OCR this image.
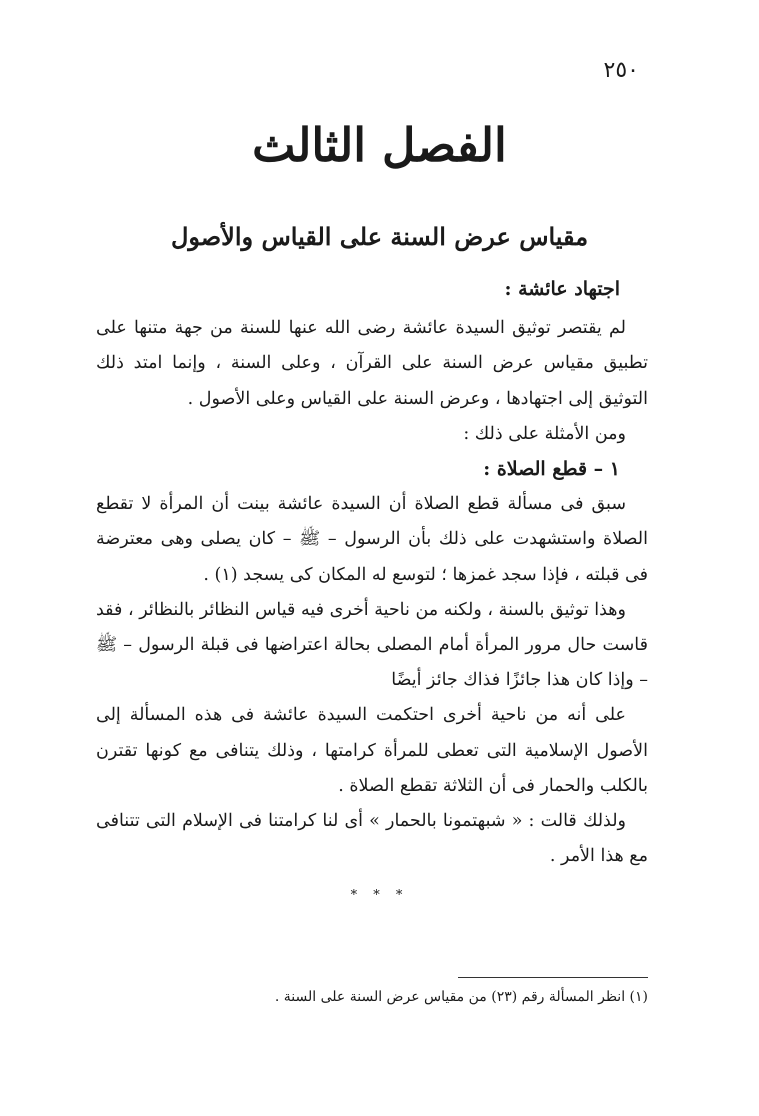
٢٥٠
الفصل الثالث
مقياس عرض السنة على القياس والأصول
اجتهاد عائشة :

لم يقتصر توثيق السيدة عائشة رضى الله عنها للسنة من جهة متنها على تطبيق مقياس عرض السنة على القرآن ، وعلى السنة ، وإنما امتد ذلك التوثيق إلى اجتهادها ، وعرض السنة على القياس وعلى الأصول .

ومن الأمثلة على ذلك :

١ – قطع الصلاة :

سبق فى مسألة قطع الصلاة أن السيدة عائشة بينت أن المرأة لا تقطع الصلاة واستشهدت على ذلك بأن الرسول – ﷺ – كان يصلى وهى معترضة فى قبلته ، فإذا سجد غمزها ؛ لتوسع له المكان كى يسجد (١) .

وهذا توثيق بالسنة ، ولكنه من ناحية أخرى فيه قياس النظائر بالنظائر ، فقد قاست حال مرور المرأة أمام المصلى بحالة اعتراضها فى قبلة الرسول – ﷺ – وإذا كان هذا جائزًا فذاك جائز أيضًا

على أنه من ناحية أخرى احتكمت السيدة عائشة فى هذه المسألة إلى الأصول الإسلامية التى تعطى للمرأة كرامتها ، وذلك يتنافى مع كونها تقترن بالكلب والحمار فى أن الثلاثة تقطع الصلاة .

ولذلك قالت : « شبهتمونا بالحمار » أى لنا كرامتنا فى الإسلام التى تتنافى مع هذا الأمر .

* * *
(١) انظر المسألة رقم (٢٣) من مقياس عرض السنة على السنة .
